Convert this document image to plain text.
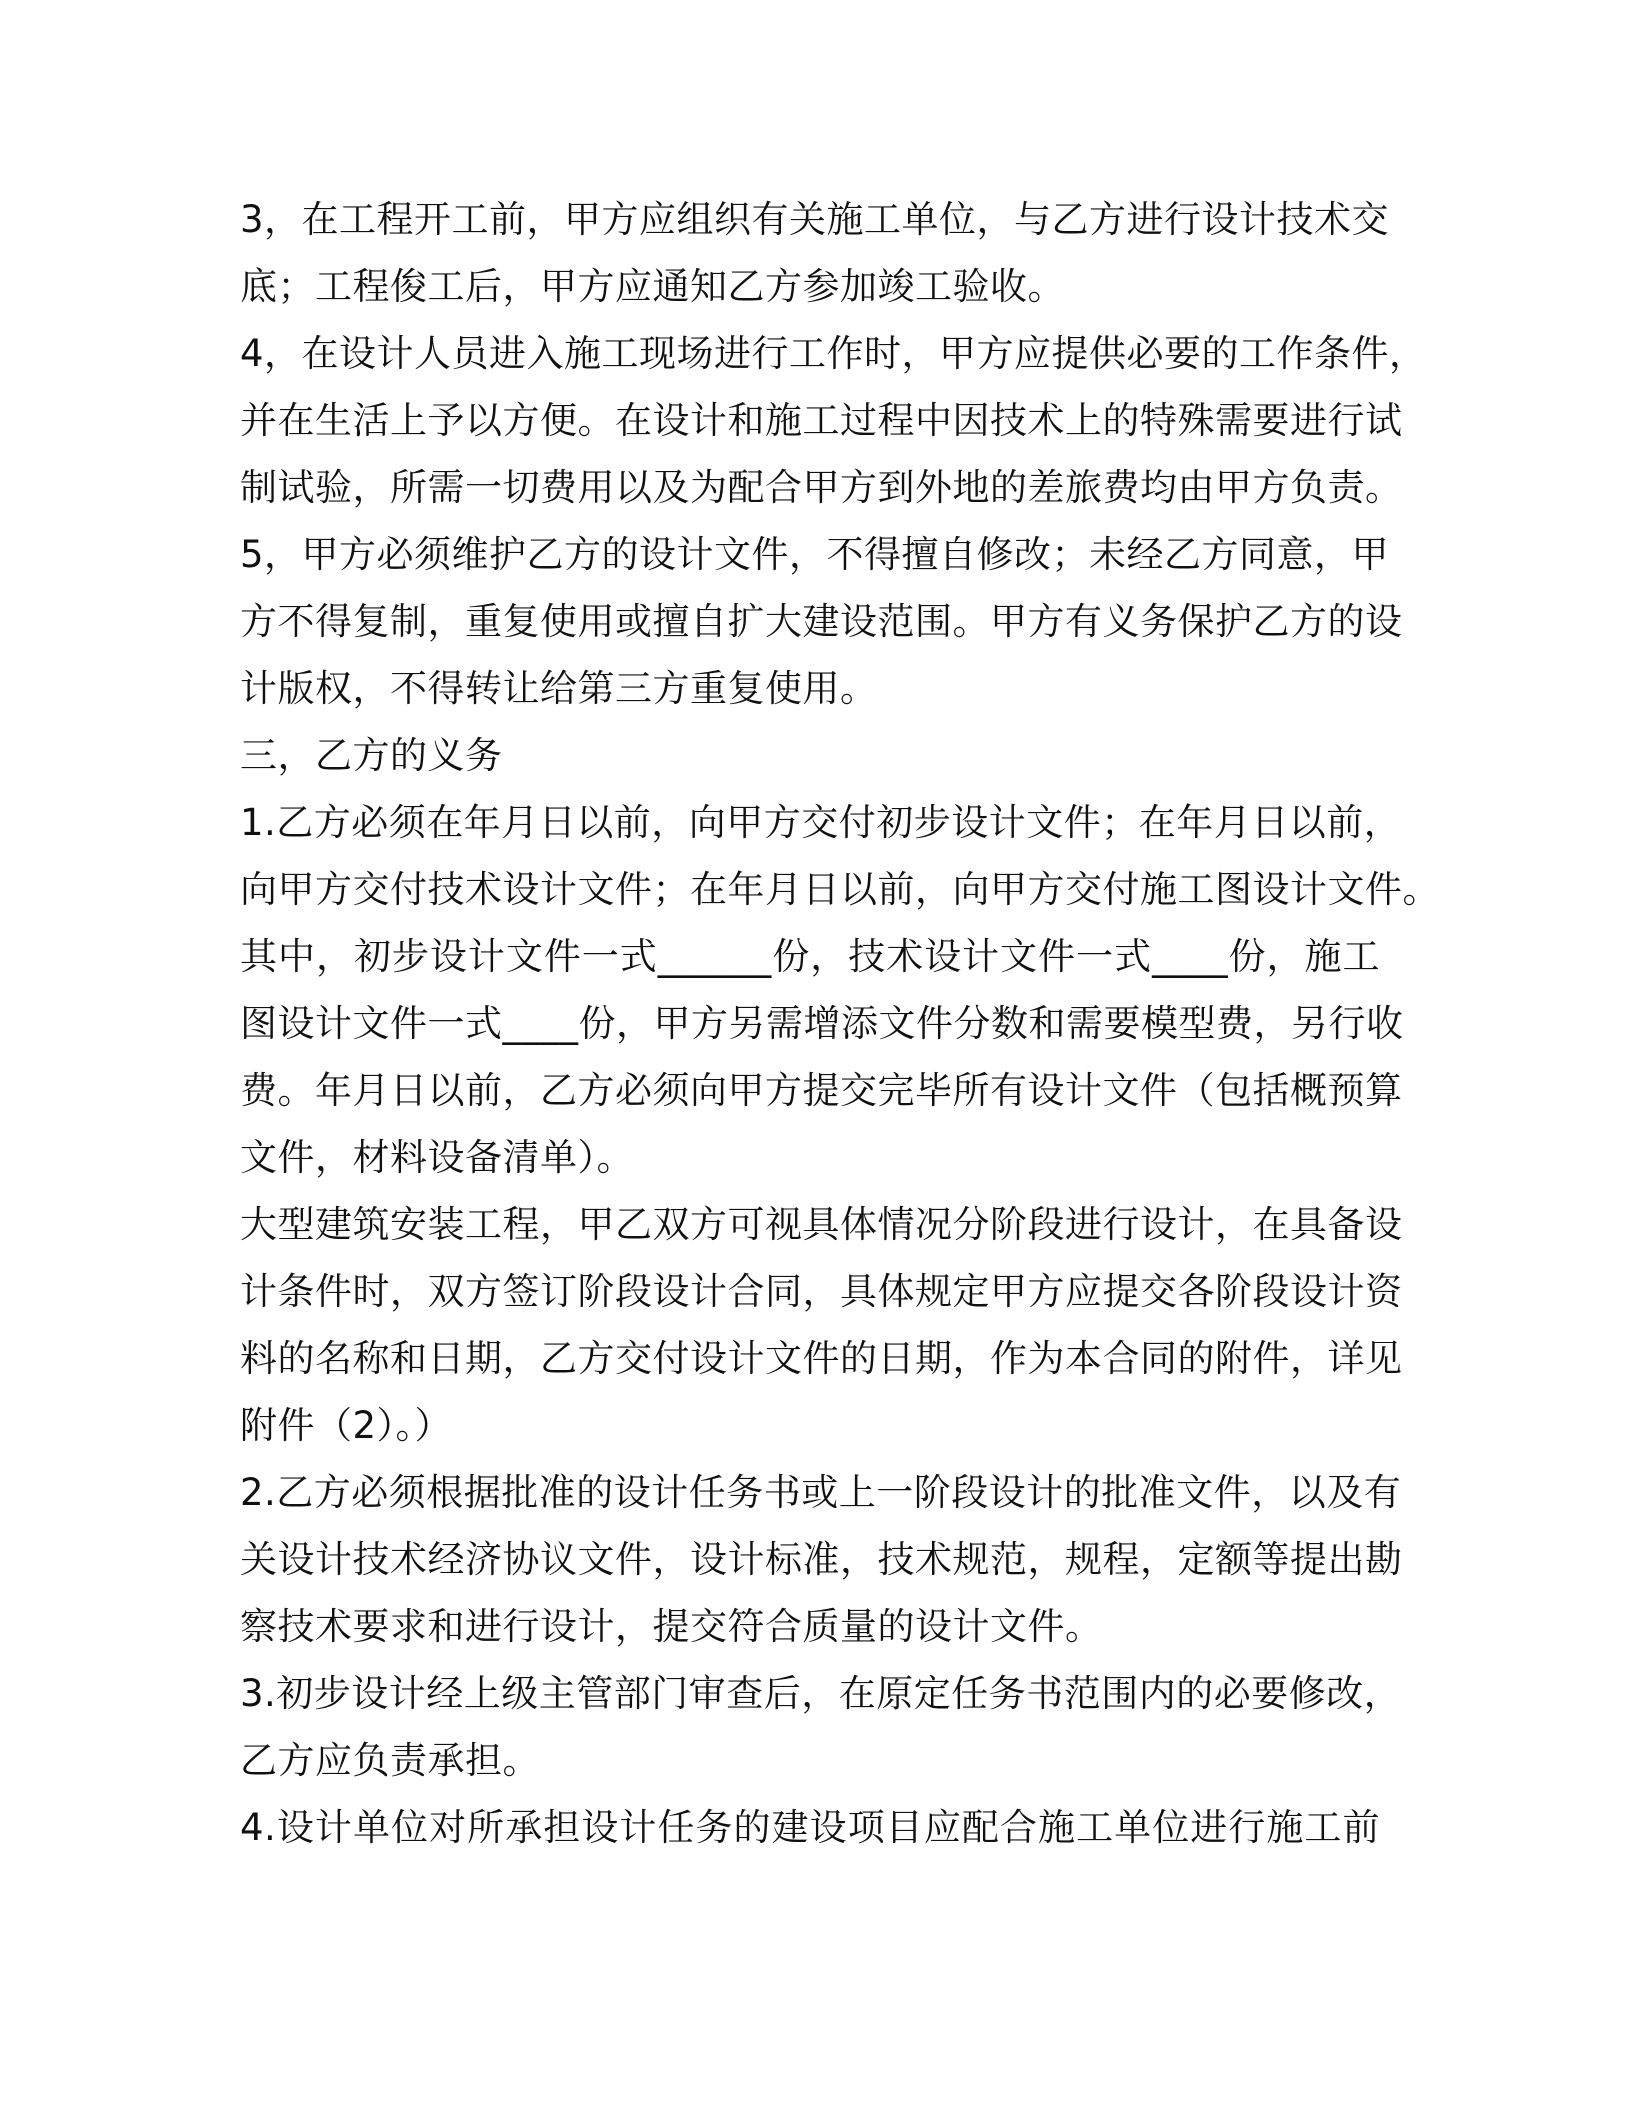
3，在工程开工前，甲方应组织有关施工单位，与乙方进行设计技术交
底；工程俊工后，甲方应通知乙方参加竣工验收。
4，在设计人员进入施工现场进行工作时，甲方应提供必要的工作条件，
并在生活上予以方便。在设计和施工过程中因技术上的特殊需要进行试
制试验，所需一切费用以及为配合甲方到外地的差旅费均由甲方负责。
5，甲方必须维护乙方的设计文件，不得擅自修改；未经乙方同意，甲
方不得复制，重复使用或擅自扩大建设范围。甲方有义务保护乙方的设
计版权，不得转让给第三方重复使用。
三，乙方的义务
1.乙方必须在年月日以前，向甲方交付初步设计文件；在年月日以前，
向甲方交付技术设计文件；在年月日以前，向甲方交付施工图设计文件。
其中，初步设计文件一式______份，技术设计文件一式____份，施工
图设计文件一式____份，甲方另需增添文件分数和需要模型费，另行收
费。年月日以前，乙方必须向甲方提交完毕所有设计文件（包括概预算
文件，材料设备清单）。
大型建筑安装工程，甲乙双方可视具体情况分阶段进行设计，在具备设
计条件时，双方签订阶段设计合同，具体规定甲方应提交各阶段设计资
料的名称和日期，乙方交付设计文件的日期，作为本合同的附件，详见
附件（2）。）
2.乙方必须根据批准的设计任务书或上一阶段设计的批准文件，以及有
关设计技术经济协议文件，设计标准，技术规范，规程，定额等提出勘
察技术要求和进行设计，提交符合质量的设计文件。
3.初步设计经上级主管部门审查后，在原定任务书范围内的必要修改，
乙方应负责承担。
4.设计单位对所承担设计任务的建设项目应配合施工单位进行施工前
